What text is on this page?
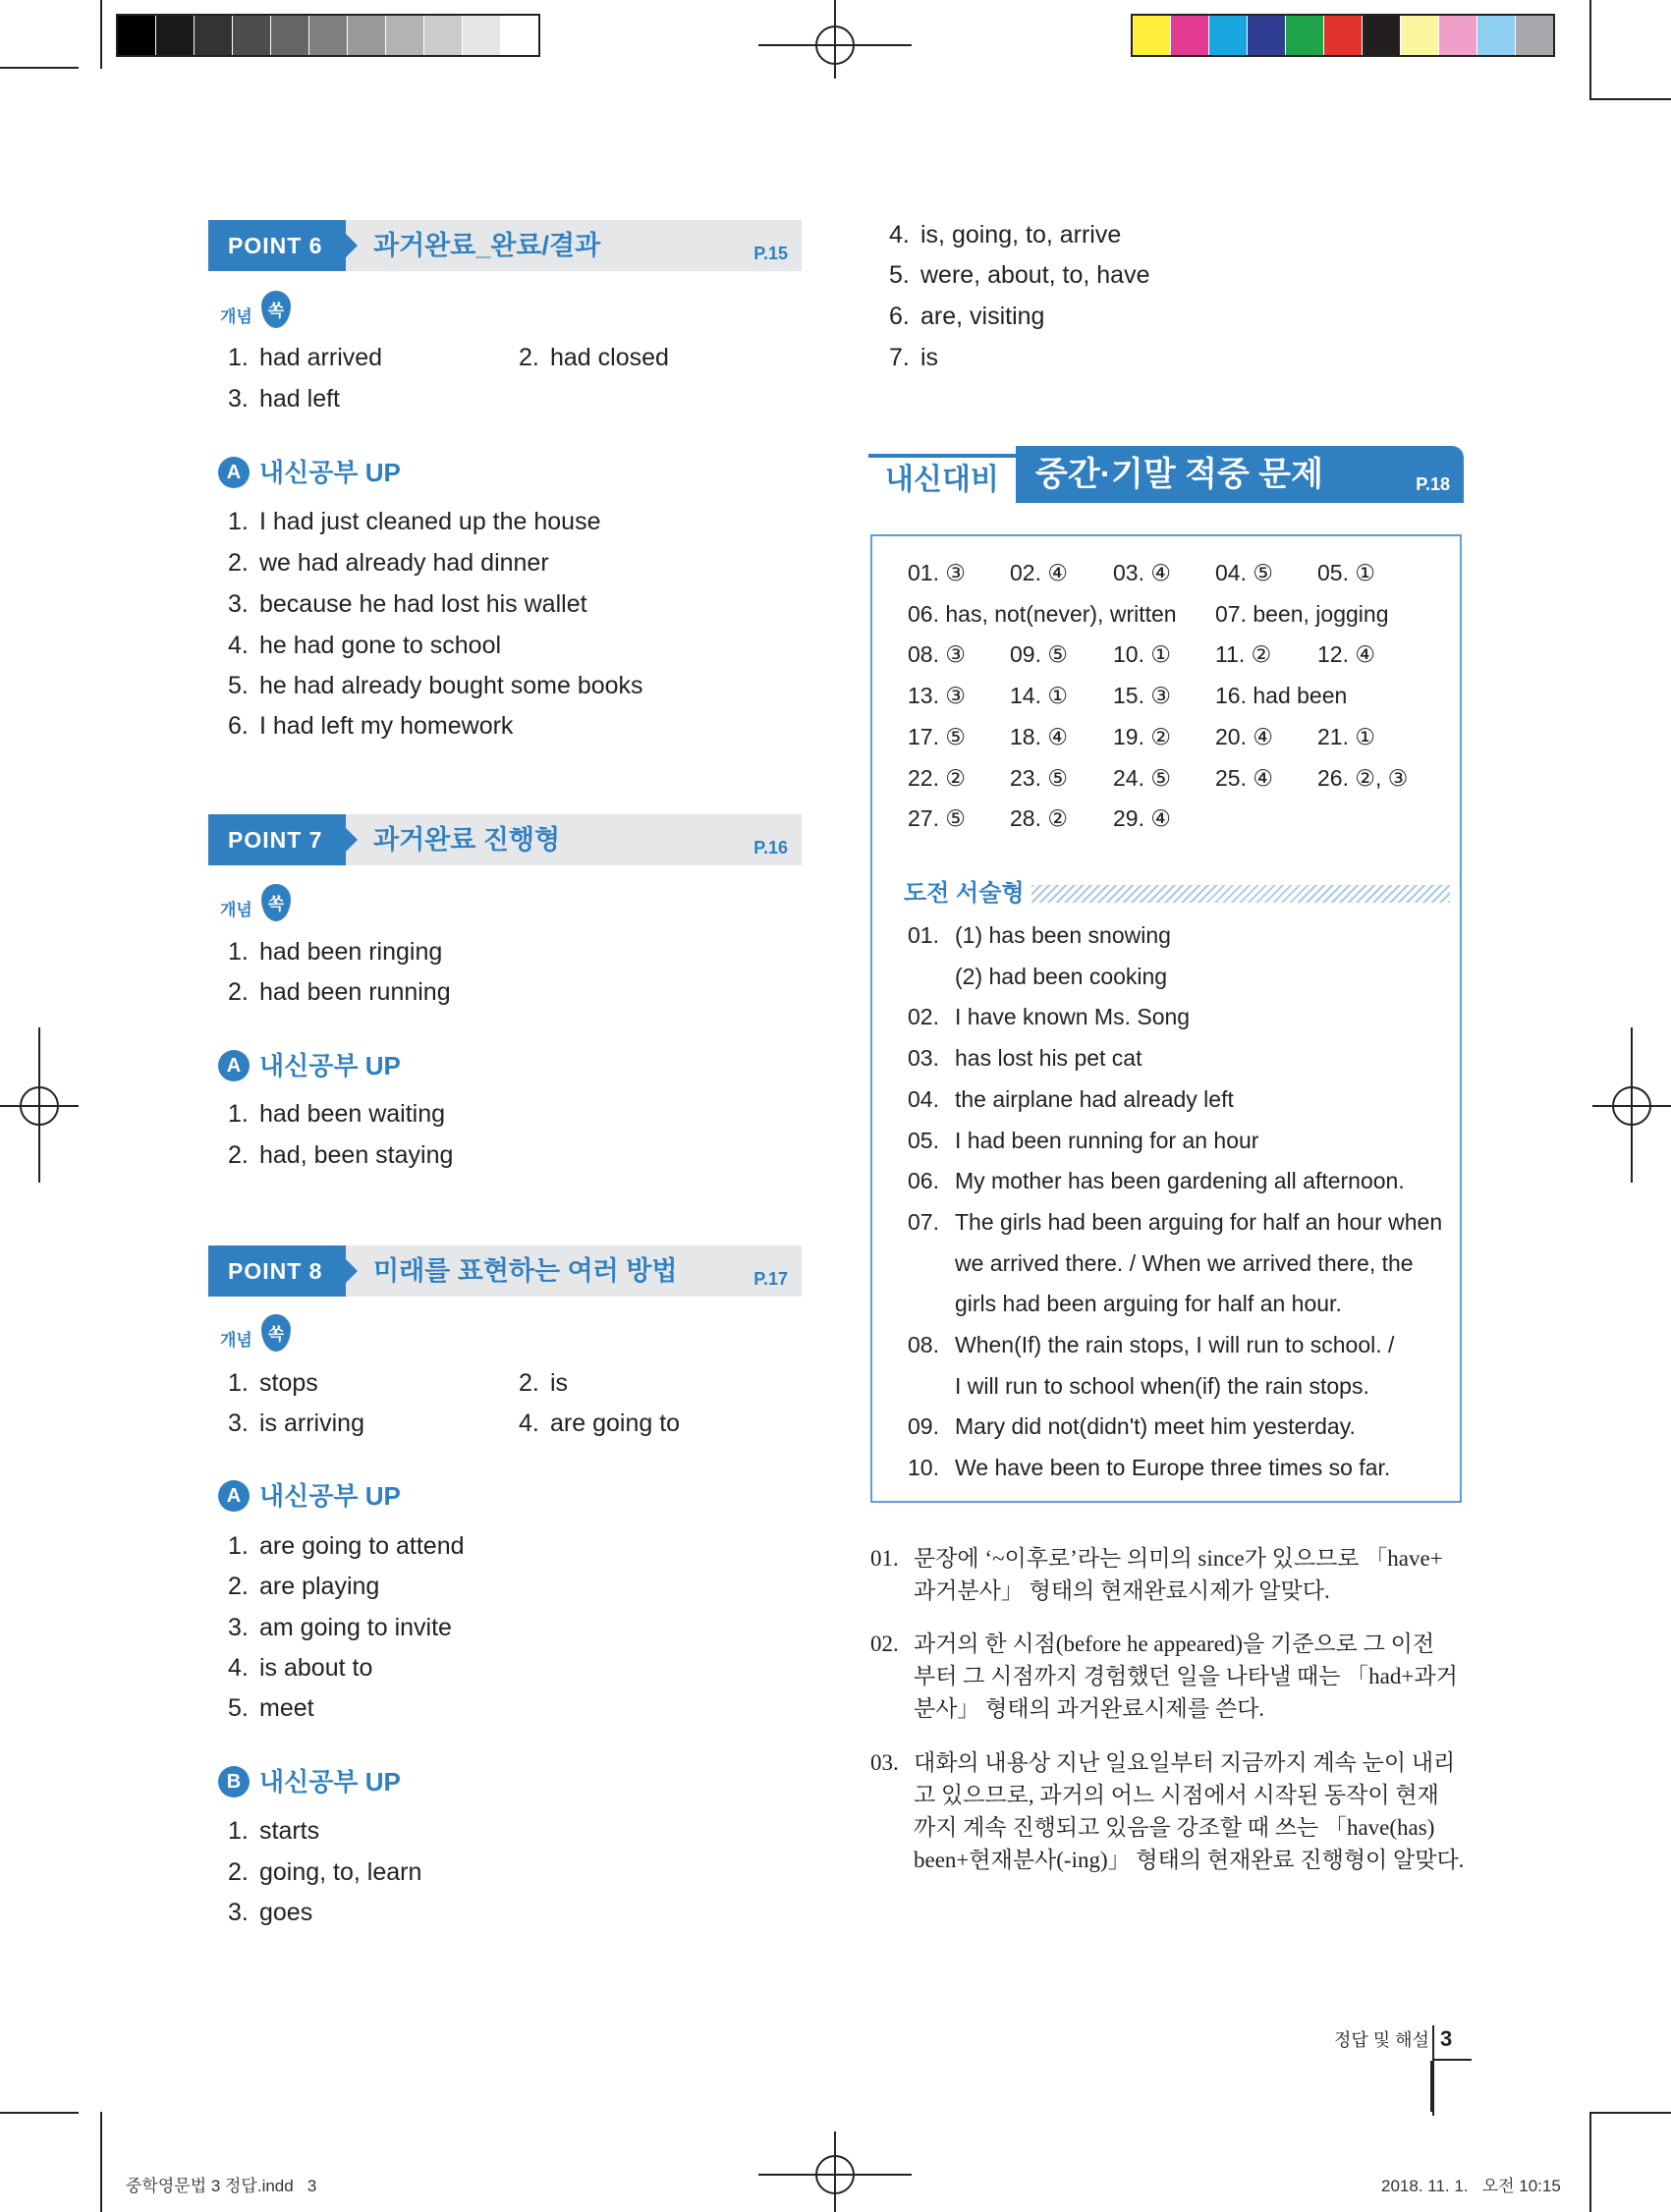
POINT 6	과거완료_완료/결과	P.15
개념 쏙
1. had arrived	2. had closed
3. had left
A 내신공부 UP
1. I had just cleaned up the house
2. we had already had dinner
3. because he had lost his wallet
4. he had gone to school
5. he had already bought some books
6. I had left my homework
POINT 7	과거완료 진행형	P.16
개념 쏙
1. had been ringing
2. had been running
A 내신공부 UP
1. had been waiting
2. had, been staying
POINT 8	미래를 표현하는 여러 방법	P.17
개념 쏙
1. stops	2. is
3. is arriving	4. are going to
A 내신공부 UP
1. are going to attend
2. are playing
3. am going to invite
4. is about to
5. meet
B 내신공부 UP
1. starts
2. going, to, learn
3. goes
4. is, going, to, arrive
5. were, about, to, have
6. are, visiting
7. is
내신대비	중간·기말 적중 문제	P.18
01. ③ 02. ④ 03. ④ 04. ⑤ 05. ①
06. has, not(never), written 07. been, jogging
08. ③ 09. ⑤ 10. ① 11. ② 12. ④
13. ③ 14. ① 15. ③ 16. had been
17. ⑤ 18. ④ 19. ② 20. ④ 21. ①
22. ② 23. ⑤ 24. ⑤ 25. ④ 26. ②, ③
27. ⑤ 28. ② 29. ④
도전 서술형
01. (1) has been snowing
(2) had been cooking
02. I have known Ms. Song
03. has lost his pet cat
04. the airplane had already left
05. I had been running for an hour
06. My mother has been gardening all afternoon.
07. The girls had been arguing for half an hour when
we arrived there. / When we arrived there, the
girls had been arguing for half an hour.
08. When(If) the rain stops, I will run to school. /
I will run to school when(if) the rain stops.
09. Mary did not(didn't) meet him yesterday.
10. We have been to Europe three times so far.
01. 문장에 ‘~이후로’라는 의미의 since가 있으므로 「have+
과거분사」 형태의 현재완료시제가 알맞다.
02. 과거의 한 시점(before he appeared)을 기준으로 그 이전
부터 그 시점까지 경험했던 일을 나타낼 때는 「had+과거
분사」 형태의 과거완료시제를 쓴다.
03. 대화의 내용상 지난 일요일부터 지금까지 계속 눈이 내리
고 있으므로, 과거의 어느 시점에서 시작된 동작이 현재
까지 계속 진행되고 있음을 강조할 때 쓰는 「have(has)
been+현재분사(-ing)」 형태의 현재완료 진행형이 알맞다.
정답 및 해설 3
중학영문법 3 정답.indd   3	2018. 11. 1.   오전 10:15
